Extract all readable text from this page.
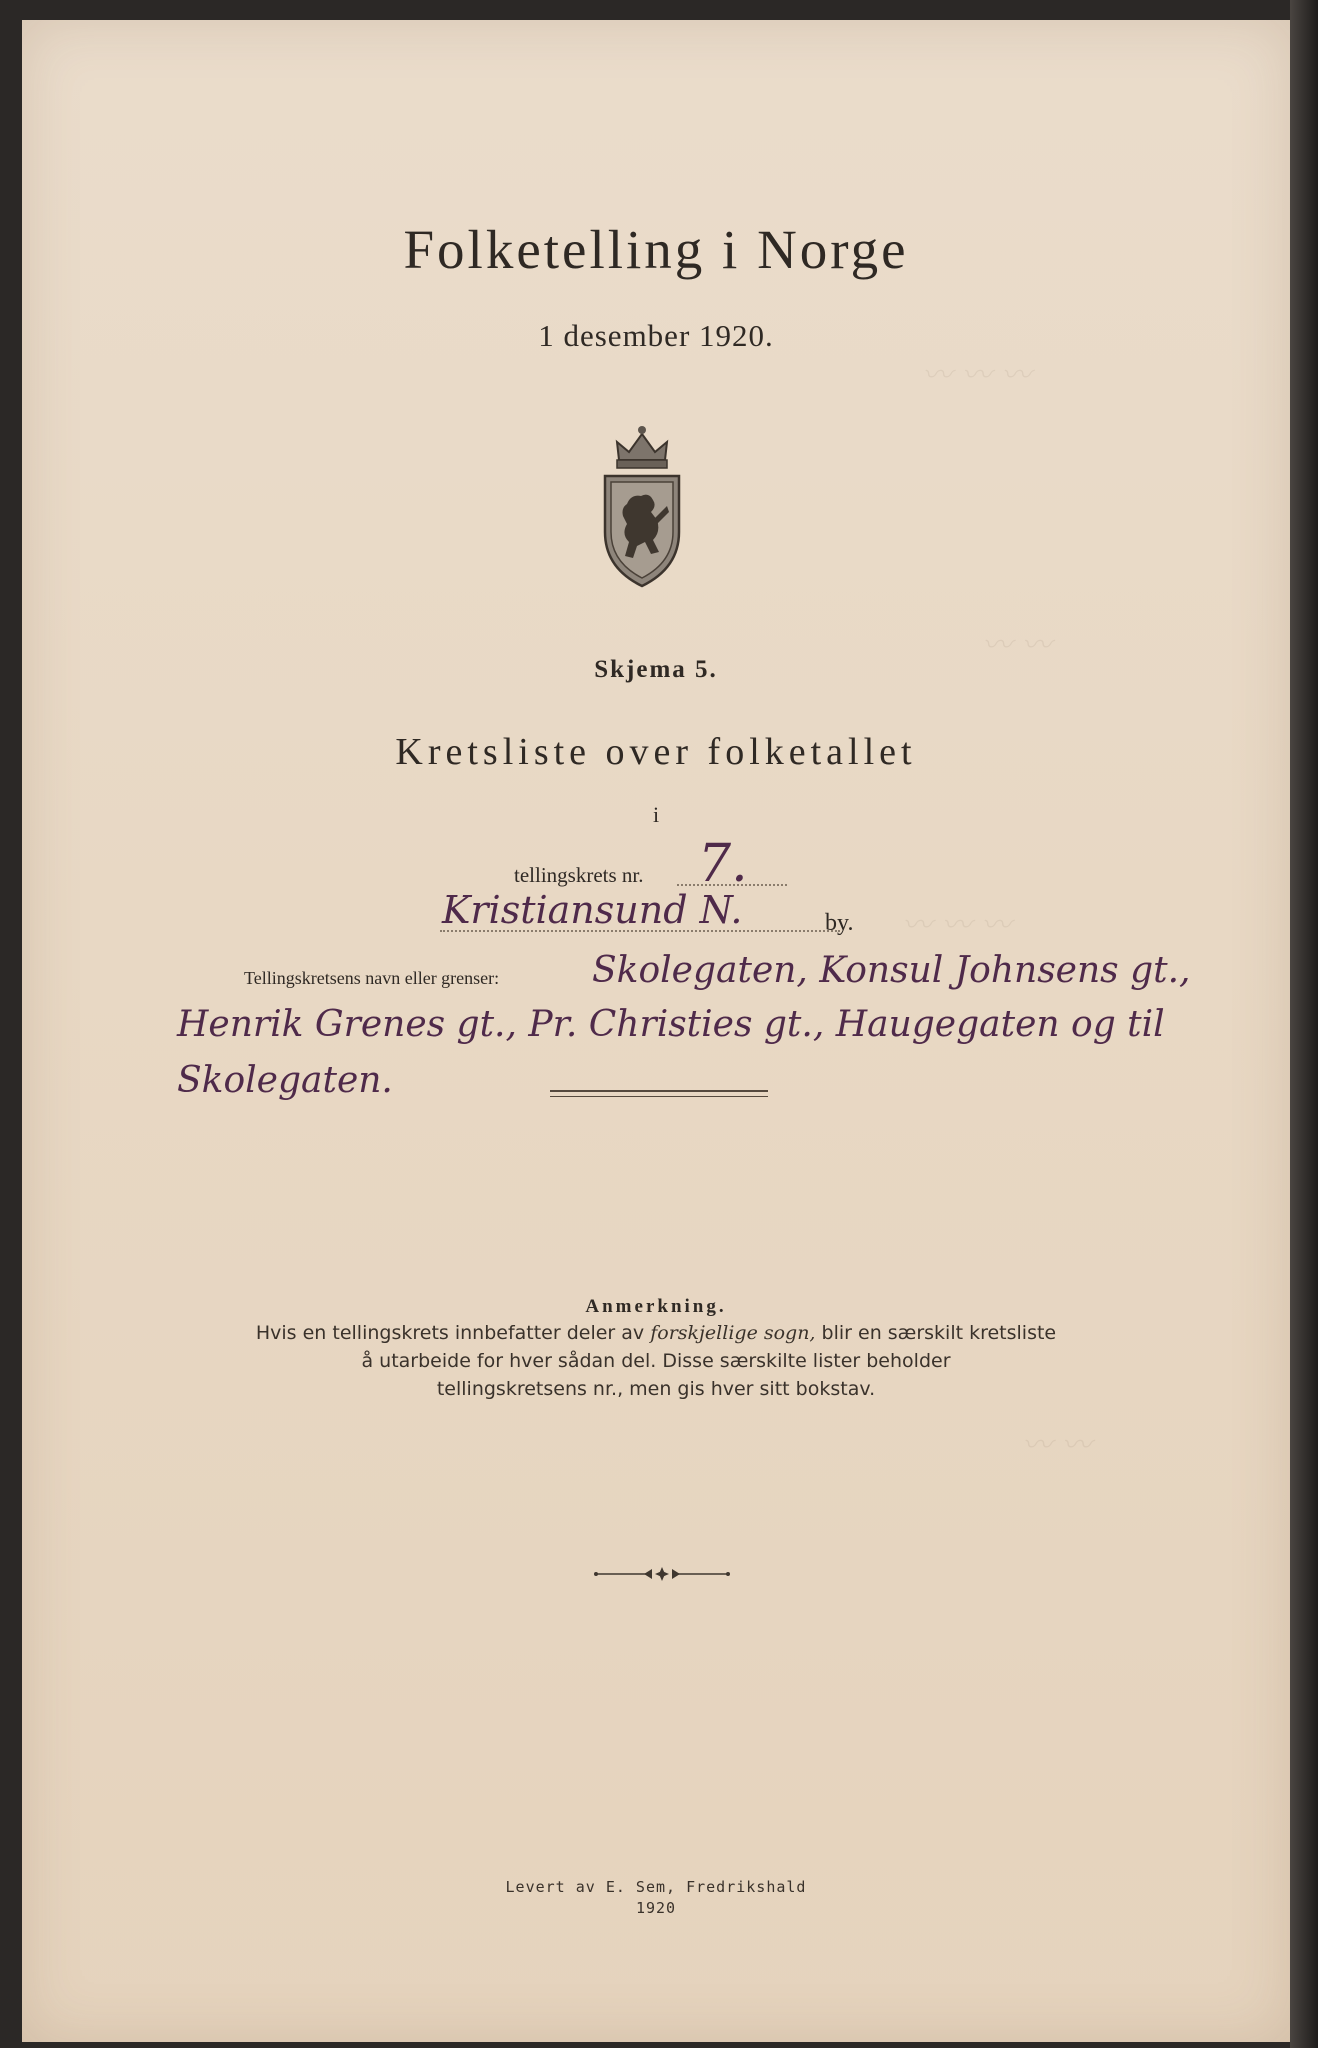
〰 〰 〰
〰 〰
〰 〰 〰
〰 〰
Folketelling i Norge
1 desember 1920.
Skjema 5.
Kretsliste over folketallet
i
tellingskrets nr. 7.
Kristiansund N.	by.
Tellingskretsens navn eller grenser:	Skolegaten, Konsul Johnsens gt.,
Henrik Grenes gt., Pr. Christies gt., Haugegaten og til
Skolegaten.
Anmerkning.
Hvis en tellingskrets innbefatter deler av forskjellige sogn, blir en særskilt kretsliste
å utarbeide for hver sådan del. Disse særskilte lister beholder
tellingskretsens nr., men gis hver sitt bokstav.
Levert av E. Sem, Fredrikshald
1920
